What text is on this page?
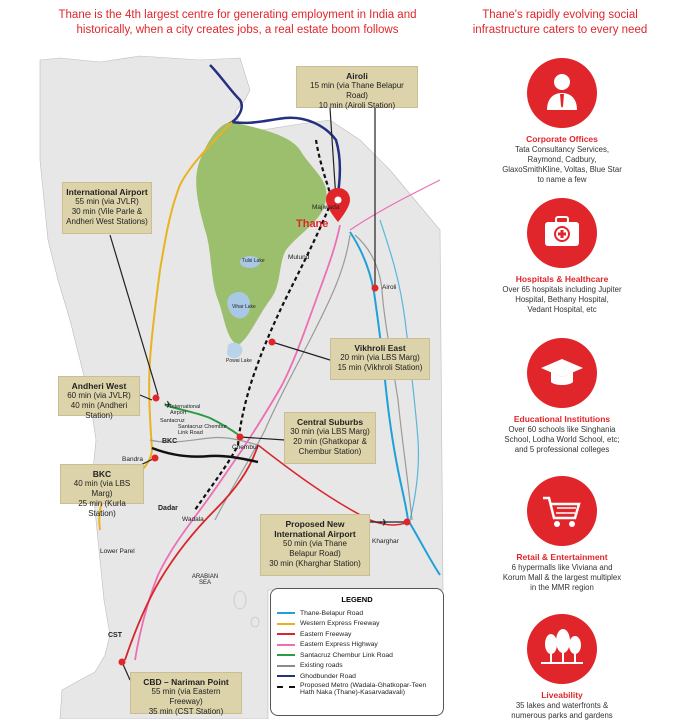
Thane is the 4th largest centre for generating employment in India and historically, when a city creates jobs, a real estate boom follows
Thane's rapidly evolving social infrastructure caters to every need
✈
✈
Thane
Majiwada
Mulund
Airoli
Tulsi Lake
Vihar Lake
Powai Lake
International Airport
Santacruz
Santacruz Chembur Link Road
BKC
Bandra
Chembur
Dadar
Wadala
Kharghar
Lower Parel
ARABIAN SEA
CST
Airoli
15 min (via Thane Belapur Road)
10 min (Airoli Station)
International Airport
55 min (via JVLR)
30 min (Vile Parle &
Andheri West Stations)
Vikhroli East
20 min (via LBS Marg)
15 min (Vikhroli Station)
Andheri West
60 min (via JVLR)
40 min (Andheri Station)
Central Suburbs
30 min (via LBS Marg)
20 min (Ghatkopar &
Chembur Station)
BKC
40 min (via LBS Marg)
25 min (Kurla Station)
Proposed New International Airport
50 min (via Thane
Belapur Road)
30 min (Kharghar Station)
CBD – Nariman Point
55 min (via Eastern Freeway)
35 min (CST Station)
LEGEND
Thane-Belapur Road
Western Express Freeway
Eastern Freeway
Eastern Express Highway
Santacruz Chembur Link Road
Existing roads
Ghodbunder Road
Proposed Metro (Wadala-Ghatkopar-Teen Hath Naka (Thane)-Kasarvadavali)
Corporate Offices
Tata Consultancy Services, Raymond, Cadbury, GlaxoSmithKline, Voltas, Blue Star to name a few
Hospitals & Healthcare
Over 65 hospitals including Jupiter Hospital, Bethany Hospital, Vedant Hospital, etc
Educational Institutions
Over 60 schools like Singhania School, Lodha World School, etc; and 5 professional colleges
Retail & Entertainment
6 hypermalls like Viviana and Korum Mall & the largest multiplex in the MMR region
Liveability
35 lakes and waterfronts & numerous parks and gardens
